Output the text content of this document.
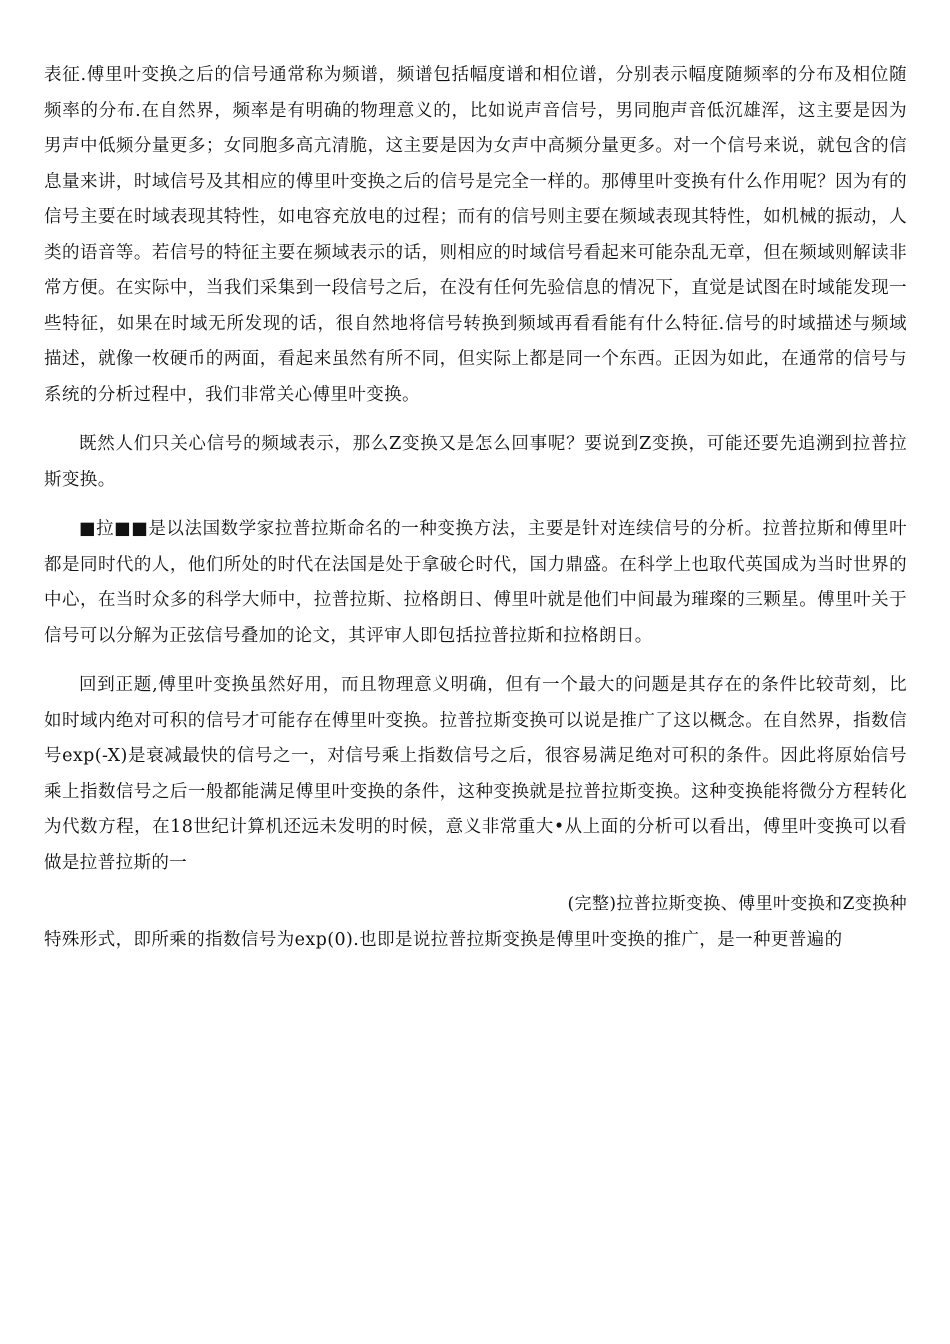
表征.傅里叶变换之后的信号通常称为频谱，频谱包括幅度谱和相位谱，分别表示幅度随频率的分布及相位随频率的分布.在自然界，频率是有明确的物理意义的，比如说声音信号，男同胞声音低沉雄浑，这主要是因为男声中低频分量更多；女同胞多高亢清脆，这主要是因为女声中高频分量更多。对一个信号来说，就包含的信息量来讲，时域信号及其相应的傅里叶变换之后的信号是完全一样的。那傅里叶变换有什么作用呢？因为有的信号主要在时域表现其特性，如电容充放电的过程；而有的信号则主要在频域表现其特性，如机械的振动，人类的语音等。若信号的特征主要在频域表示的话，则相应的时域信号看起来可能杂乱无章，但在频域则解读非常方便。在实际中，当我们采集到一段信号之后，在没有任何先验信息的情况下，直觉是试图在时域能发现一些特征，如果在时域无所发现的话，很自然地将信号转换到频域再看看能有什么特征.信号的时域描述与频域描述，就像一枚硬币的两面，看起来虽然有所不同，但实际上都是同一个东西。正因为如此，在通常的信号与系统的分析过程中，我们非常关心傅里叶变换。

既然人们只关心信号的频域表示，那么Z变换又是怎么回事呢？要说到Z变换，可能还要先追溯到拉普拉斯变换。

■拉■■是以法国数学家拉普拉斯命名的一种变换方法，主要是针对连续信号的分析。拉普拉斯和傅里叶都是同时代的人，他们所处的时代在法国是处于拿破仑时代，国力鼎盛。在科学上也取代英国成为当时世界的中心，在当时众多的科学大师中，拉普拉斯、拉格朗日、傅里叶就是他们中间最为璀璨的三颗星。傅里叶关于信号可以分解为正弦信号叠加的论文，其评审人即包括拉普拉斯和拉格朗日。

回到正题,傅里叶变换虽然好用，而且物理意义明确，但有一个最大的问题是其存在的条件比较苛刻，比如时域内绝对可积的信号才可能存在傅里叶变换。拉普拉斯变换可以说是推广了这以概念。在自然界，指数信号exp(-X)是衰减最快的信号之一，对信号乘上指数信号之后，很容易满足绝对可积的条件。因此将原始信号乘上指数信号之后一般都能满足傅里叶变换的条件，这种变换就是拉普拉斯变换。这种变换能将微分方程转化为代数方程，在18世纪计算机还远未发明的时候，意义非常重大•从上面的分析可以看出，傅里叶变换可以看做是拉普拉斯的一

(完整)拉普拉斯变换、傅里叶变换和Z变换种

特殊形式，即所乘的指数信号为exp(0).也即是说拉普拉斯变换是傅里叶变换的推广，是一种更普遍的
